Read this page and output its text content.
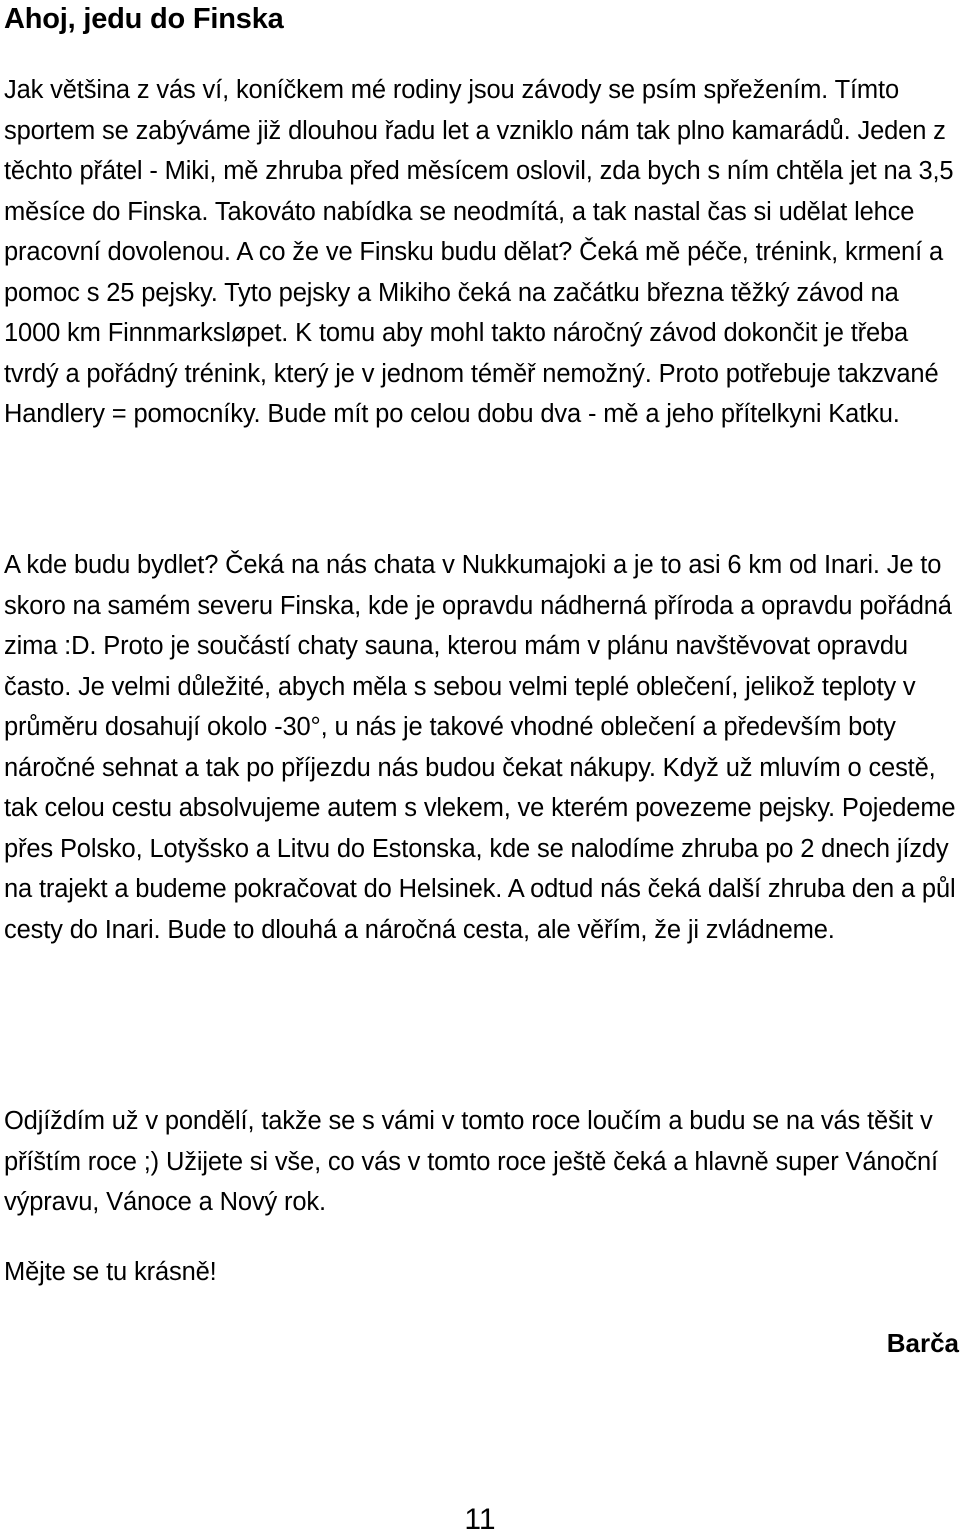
Ahoj, jedu do Finska

Jak většina z vás ví, koníčkem mé rodiny jsou závody se psím spřežením. Tímto sportem se zabýváme již dlouhou řadu let a vzniklo nám tak plno kamarádů. Jeden z těchto přátel - Miki, mě zhruba před měsícem oslovil, zda bych s ním chtěla jet na 3,5 měsíce do Finska. Takováto nabídka se neodmítá, a tak nastal čas si udělat lehce pracovní dovolenou. A co že ve Finsku budu dělat? Čeká mě péče, trénink, krmení a pomoc s 25 pejsky. Tyto pejsky a Mikiho čeká na začátku března těžký závod na 1000 km Finnmarksløpet. K tomu aby mohl takto náročný závod dokončit je třeba tvrdý a pořádný trénink, který je v jednom téměř nemožný. Proto potřebuje takzvané Handlery = pomocníky. Bude mít po celou dobu dva - mě a jeho přítelkyni Katku.

A kde budu bydlet? Čeká na nás chata v Nukkumajoki a je to asi 6 km od Inari. Je to skoro na samém severu Finska, kde je opravdu nádherná příroda a opravdu pořádná zima :D. Proto je součástí chaty sauna, kterou mám v plánu navštěvovat opravdu často. Je velmi důležité, abych měla s sebou velmi teplé oblečení, jelikož teploty v průměru dosahují okolo -30°, u nás je takové vhodné oblečení a především boty náročné sehnat a tak po příjezdu nás budou čekat nákupy. Když už mluvím o cestě, tak celou cestu absolvujeme autem s vlekem, ve kterém povezeme pejsky. Pojedeme přes Polsko, Lotyšsko a Litvu do Estonska, kde se nalodíme zhruba po 2 dnech jízdy na trajekt a budeme pokračovat do Helsinek. A odtud nás čeká další zhruba den a půl cesty do Inari. Bude to dlouhá a náročná cesta, ale věřím, že ji zvládneme.

Odjíždím už v pondělí, takže se s vámi v tomto roce loučím a budu se na vás těšit v příštím roce ;) Užijete si vše, co vás v tomto roce ještě čeká a hlavně super Vánoční výpravu, Vánoce a Nový rok.

Mějte se tu krásně!

Barča

11
